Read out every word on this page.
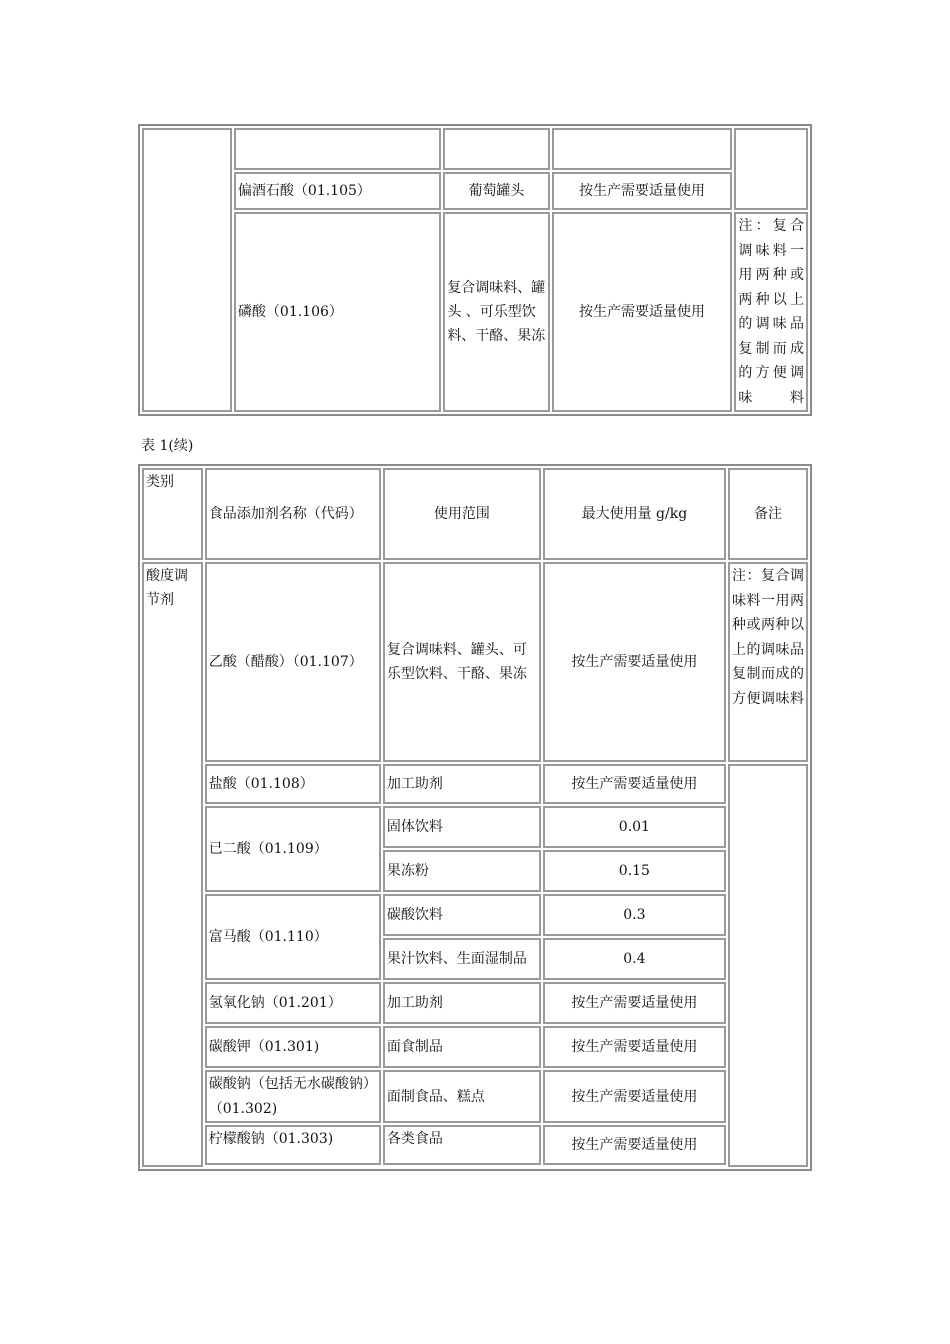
	偏酒石酸（01.105）	葡萄罐头	按生产需要适量使用	
	磷酸（01.106）	复合调味料、罐头 、可乐型饮料、干酪、果冻	按生产需要适量使用	注：复合调味料一用两种或两种以上的调味品复制而成的方便调味料
表 1(续)
类别	食品添加剂名称（代码）	使用范围	最大使用量 g/kg	备注
酸度调节剂	乙酸（醋酸）（01.107）	复合调味料、罐头、可乐型饮料、干酪、果冻	按生产需要适量使用	注：复合调味料一用两种或两种以上的调味品复制而成的方便调味料
	盐酸（01.108）	加工助剂	按生产需要适量使用	
	已二酸（01.109）	固体饮料	0.01	
		果冻粉	0.15	
	富马酸（01.110）	碳酸饮料	0.3	
		果汁饮料、生面湿制品	0.4	
	氢氧化钠（01.201）	加工助剂	按生产需要适量使用	
	碳酸钾（01.301)	面食制品	按生产需要适量使用	
	碳酸钠（包括无水碳酸钠）（01.302)	面制食品、糕点	按生产需要适量使用	
	柠檬酸钠（01.303)	各类食品	按生产需要适量使用	
